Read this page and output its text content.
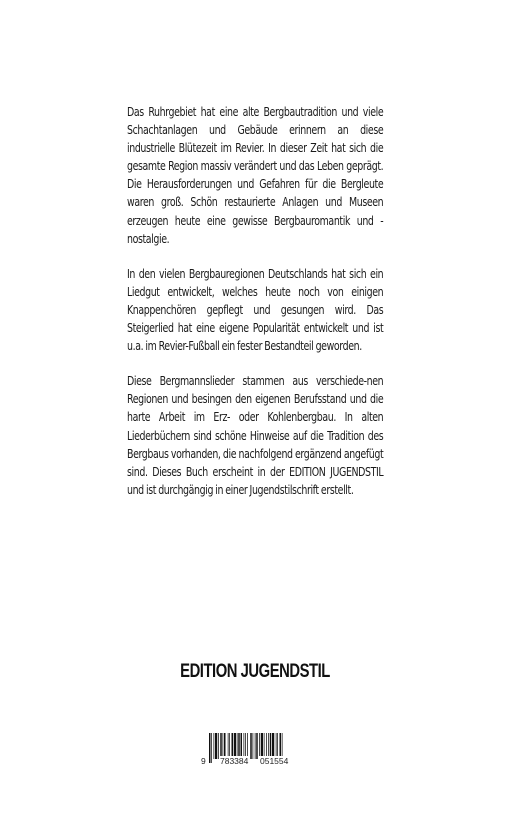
Das Ruhrgebiet hat eine alte Bergbautradition und viele Schachtanlagen und Gebäude erinnern an diese industrielle Blütezeit im Revier. In dieser Zeit hat sich die gesamte Region massiv verändert und das Leben geprägt. Die Herausforderungen und Gefahren für die Bergleute waren groß. Schön restaurierte Anlagen und Museen erzeugen heute eine gewisse Bergbauromantik und -nostalgie.

In den vielen Bergbauregionen Deutschlands hat sich ein Liedgut entwickelt, welches heute noch von einigen Knappenchören gepflegt und gesungen wird. Das Steigerlied hat eine eigene Popularität entwickelt und ist u.a. im Revier-Fußball ein fester Bestandteil geworden.

Diese Bergmannslieder stammen aus verschiede-nen Regionen und besingen den eigenen Berufsstand und die harte Arbeit im Erz- oder Kohlenbergbau. In alten Liederbüchern sind schöne Hinweise auf die Tradition des Bergbaus vorhanden, die nachfolgend ergänzend angefügt sind. Dieses Buch erscheint in der EDITION JUGENDSTIL und ist durchgängig in einer Jugendstilschrift erstellt.

EDITION JUGENDSTIL
9 783384 051554
